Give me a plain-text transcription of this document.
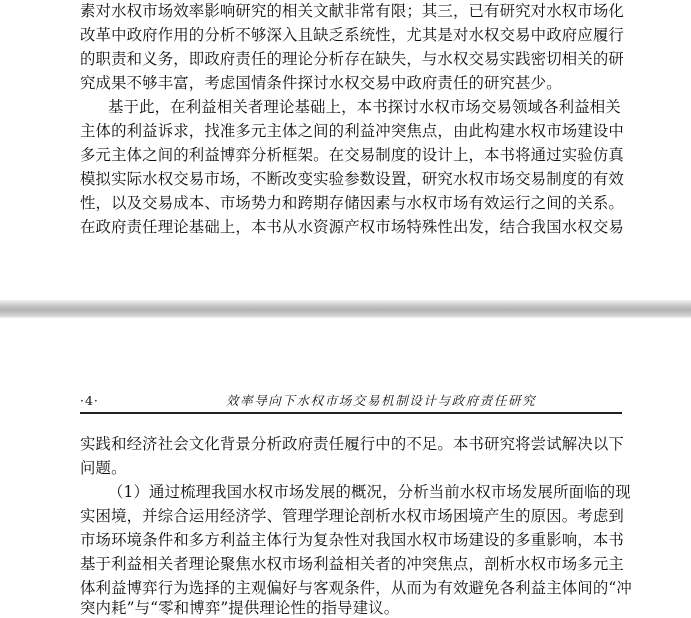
素对水权市场效率影响研究的相关文献非常有限；其三，已有研究对水权市场化
改革中政府作用的分析不够深入且缺乏系统性，尤其是对水权交易中政府应履行
的职责和义务，即政府责任的理论分析存在缺失，与水权交易实践密切相关的研
究成果不够丰富，考虑国情条件探讨水权交易中政府责任的研究甚少。
基于此，在利益相关者理论基础上，本书探讨水权市场交易领域各利益相关
主体的利益诉求，找准多元主体之间的利益冲突焦点，由此构建水权市场建设中
多元主体之间的利益博弈分析框架。在交易制度的设计上，本书将通过实验仿真
模拟实际水权交易市场，不断改变实验参数设置，研究水权市场交易制度的有效
性，以及交易成本、市场势力和跨期存储因素与水权市场有效运行之间的关系。
在政府责任理论基础上，本书从水资源产权市场特殊性出发，结合我国水权交易
·4·	效率导向下水权市场交易机制设计与政府责任研究
实践和经济社会文化背景分析政府责任履行中的不足。本书研究将尝试解决以下
问题。
（1）通过梳理我国水权市场发展的概况，分析当前水权市场发展所面临的现
实困境，并综合运用经济学、管理学理论剖析水权市场困境产生的原因。考虑到
市场环境条件和多方利益主体行为复杂性对我国水权市场建设的多重影响，本书
基于利益相关者理论聚焦水权市场利益相关者的冲突焦点，剖析水权市场多元主
体利益博弈行为选择的主观偏好与客观条件，从而为有效避免各利益主体间的“冲
突内耗”与“零和博弈”提供理论性的指导建议。
